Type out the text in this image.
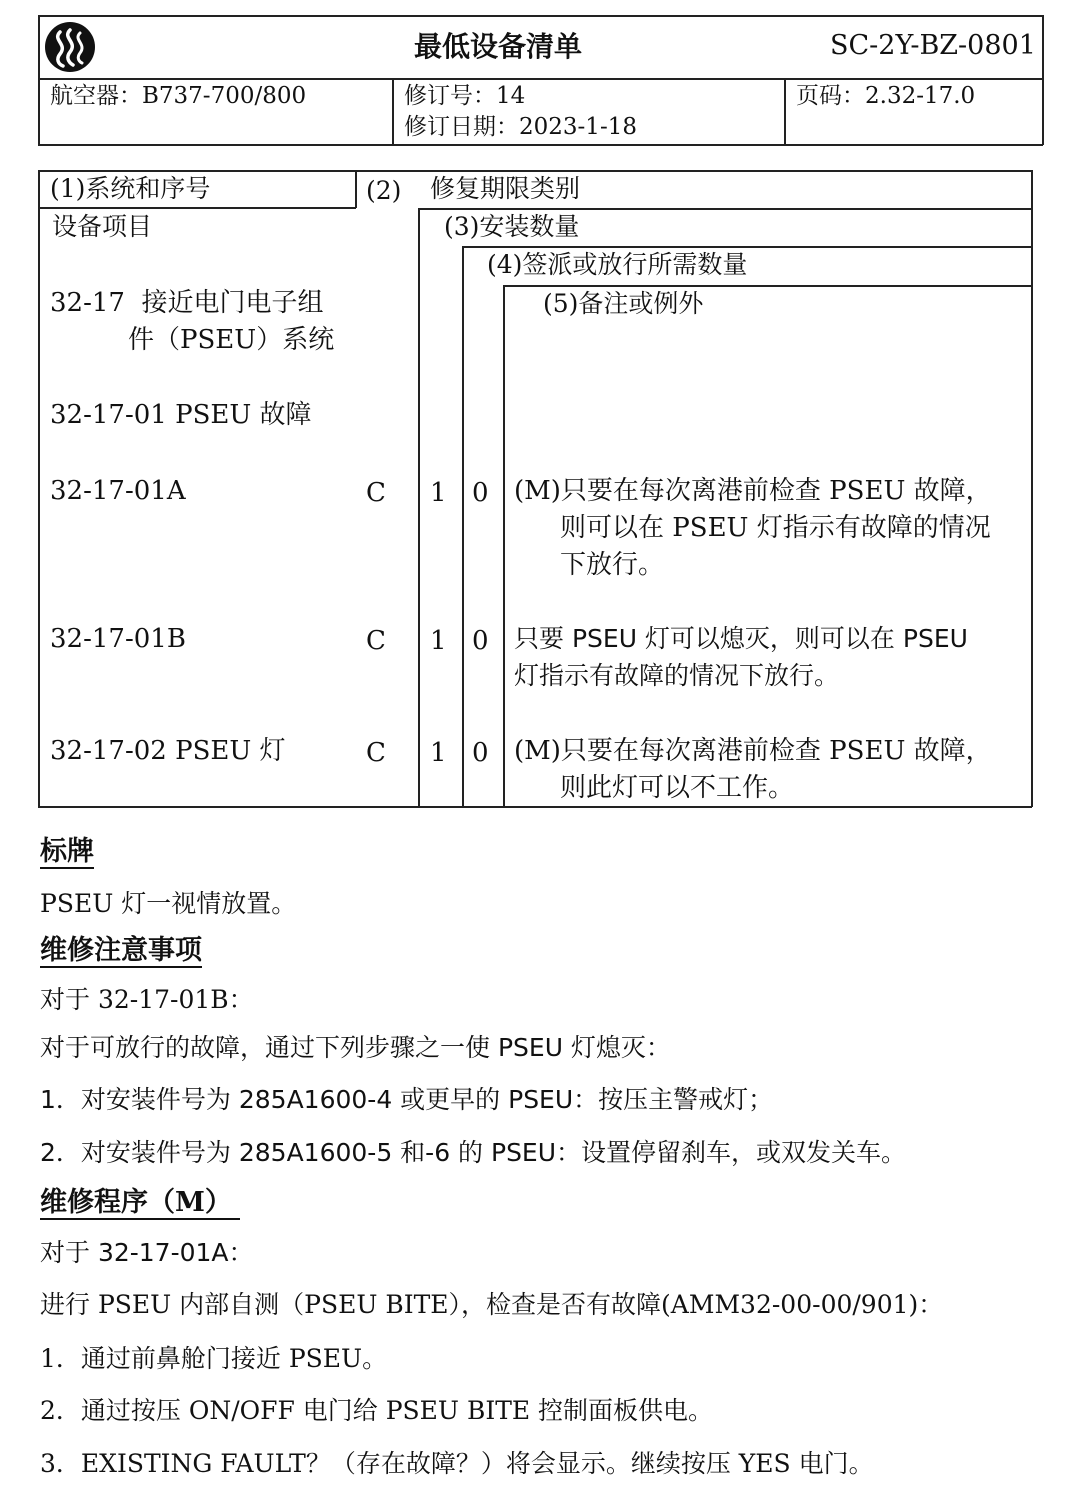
最低设备清单	SC-2Y-BZ-0801
航空器：B737-700/800	修订号：14
修订日期：2023-1-18
页码：2.32-17.0
(1)系统和序号
设备项目
(2) 修复期限类别
(3)安装数量
(4)签派或放行所需数量
(5)备注或例外
32-17  接近电门电子组
件（PSEU）系统
32-17-01 PSEU 故障
32-17-01A	C 1 0 (M)只要在每次离港前检查 PSEU 故障，
则可以在 PSEU 灯指示有故障的情况
下放行。
32-17-01B	C 1 0 只要 PSEU 灯可以熄灭，则可以在 PSEU
灯指示有故障的情况下放行。
32-17-02 PSEU 灯	C 1 0 (M)只要在每次离港前检查 PSEU 故障，
则此灯可以不工作。
标牌
PSEU 灯一视情放置。
维修注意事项
对于 32-17-01B：
对于可放行的故障，通过下列步骤之一使 PSEU 灯熄灭：
1．对安装件号为 285A1600-4 或更早的 PSEU：按压主警戒灯；
2．对安装件号为 285A1600-5 和-6 的 PSEU：设置停留刹车，或双发关车。
维修程序（M）
对于 32-17-01A：
进行 PSEU 内部自测（PSEU BITE），检查是否有故障(AMM32-00-00/901)：
1．通过前鼻舱门接近 PSEU。
2．通过按压 ON/OFF 电门给 PSEU BITE 控制面板供电。
3．EXISTING FAULT？（存在故障？）将会显示。继续按压 YES 电门。
